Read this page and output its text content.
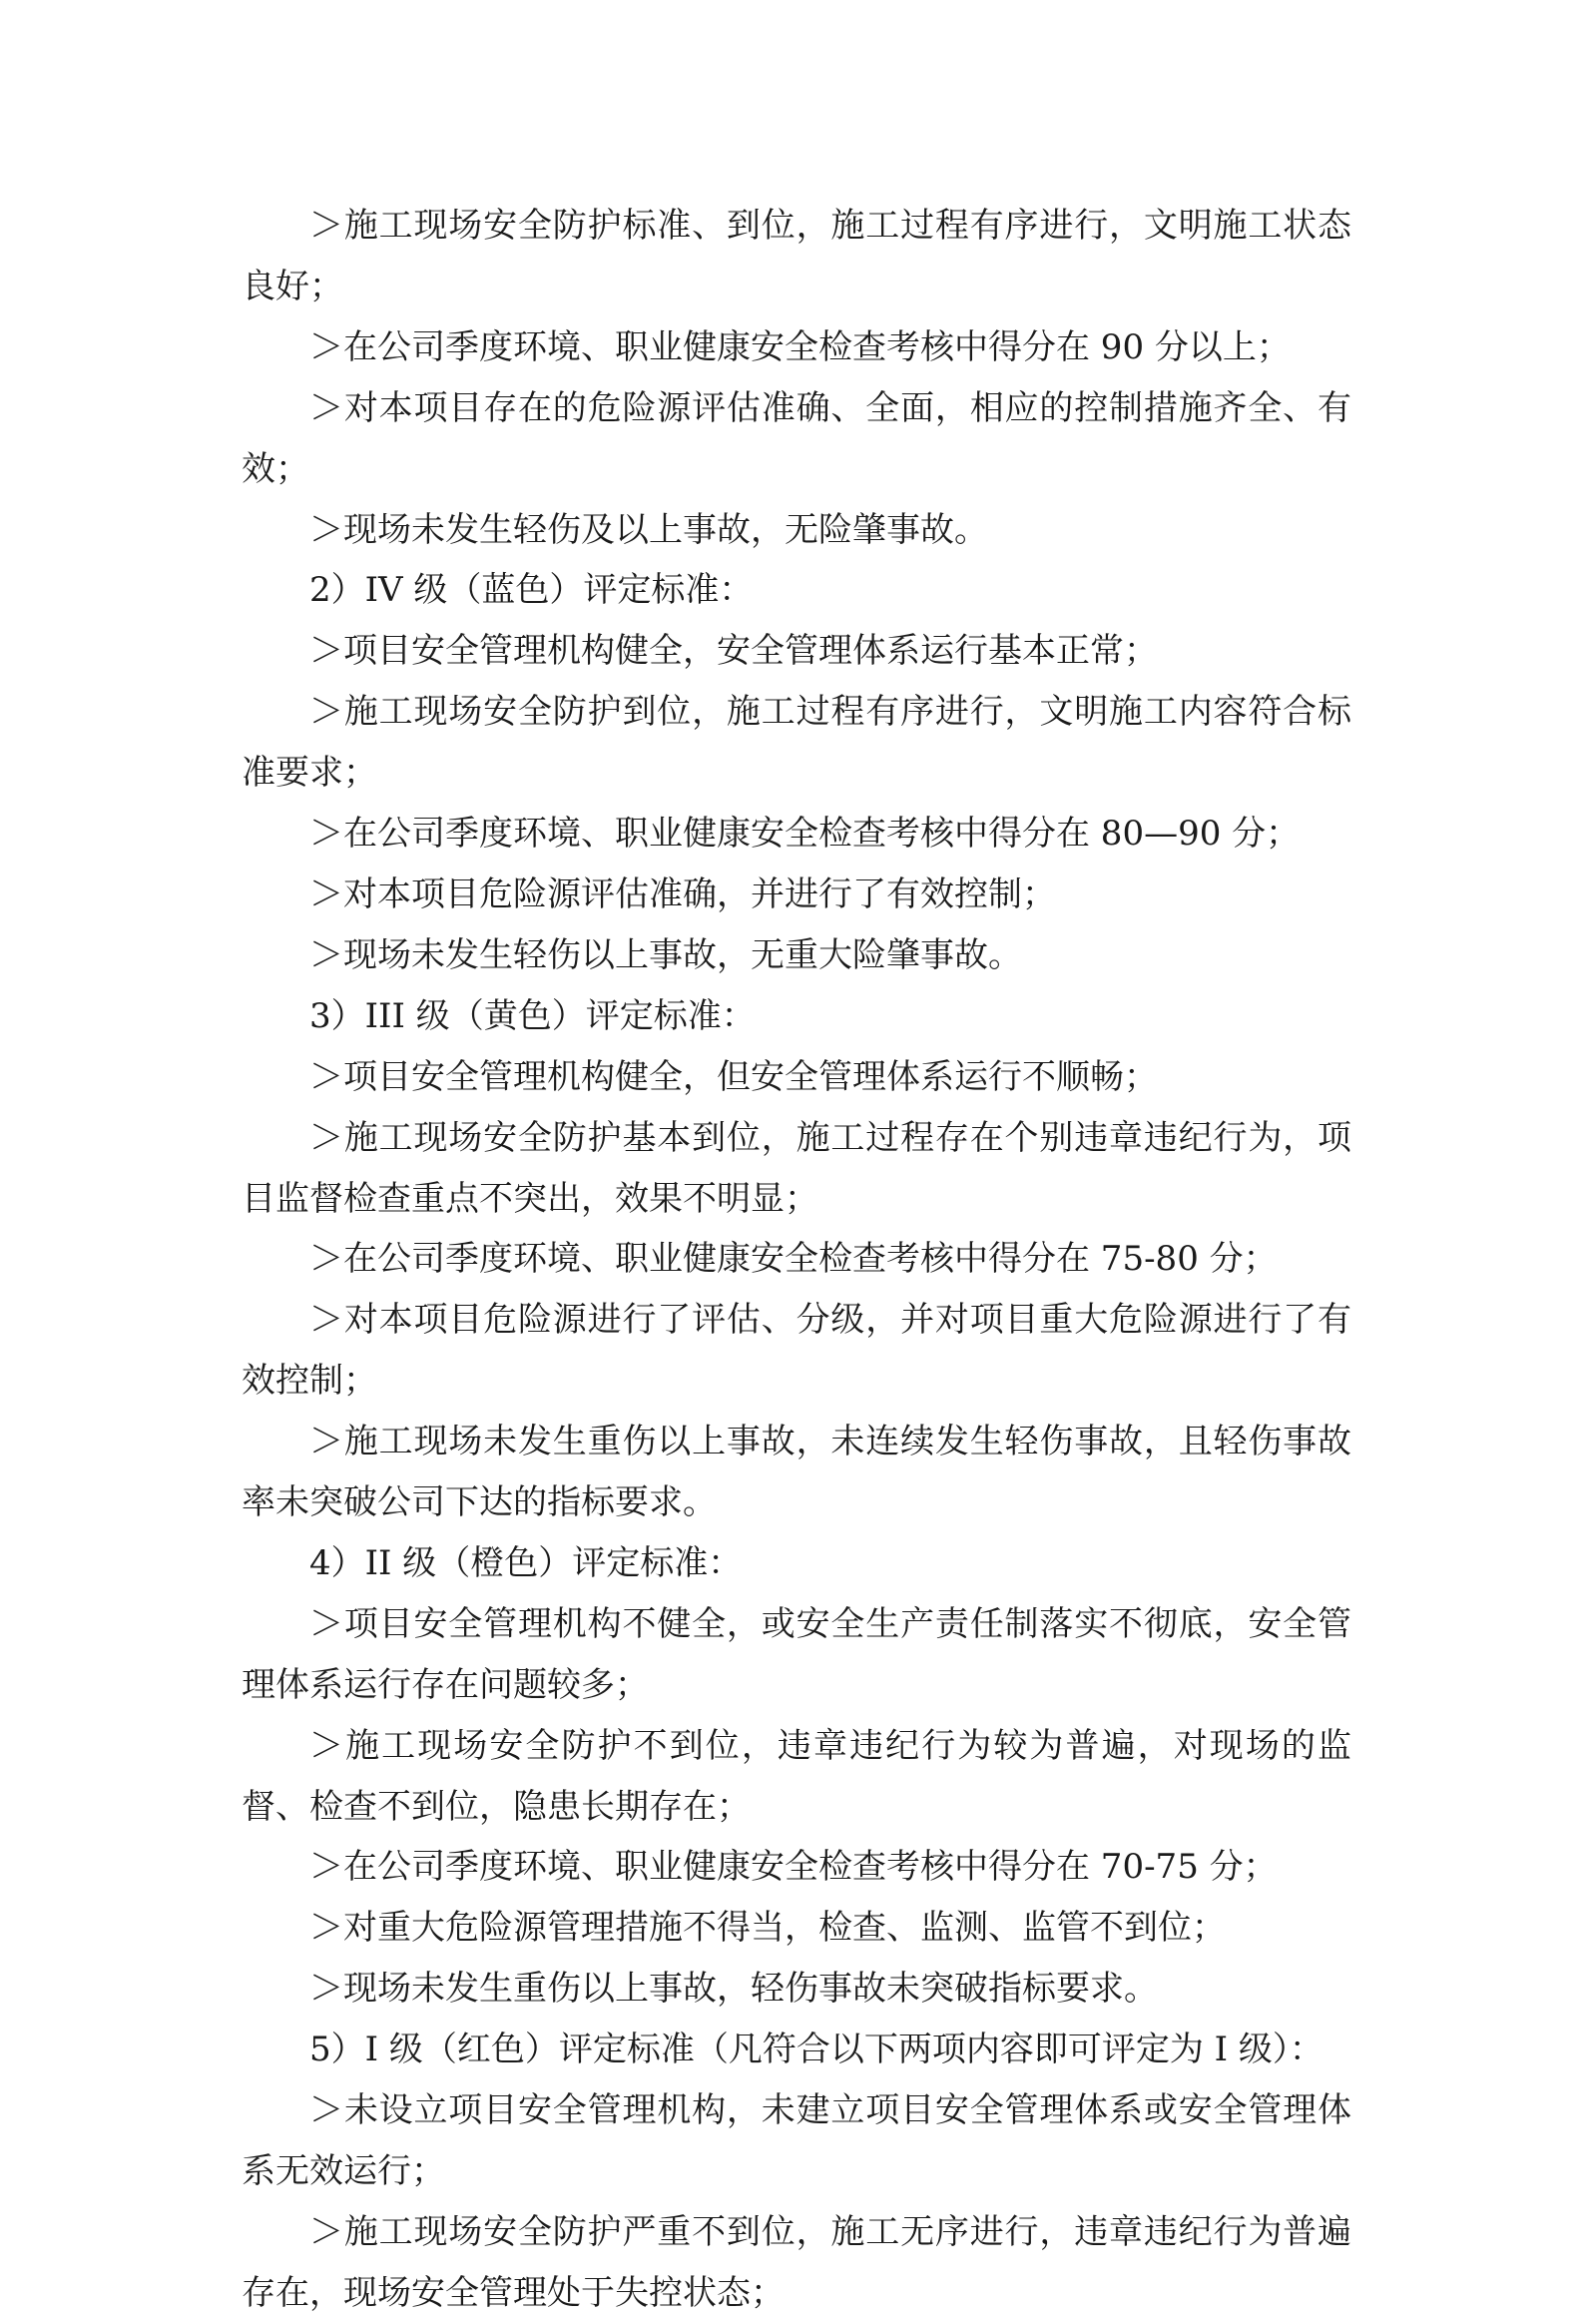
＞施工现场安全防护标准、到位，施工过程有序进行，文明施工状态良好；

＞在公司季度环境、职业健康安全检查考核中得分在 90 分以上；

＞对本项目存在的危险源评估准确、全面，相应的控制措施齐全、有效；

＞现场未发生轻伤及以上事故，无险肇事故。

2）IV 级（蓝色）评定标准：

＞项目安全管理机构健全，安全管理体系运行基本正常；

＞施工现场安全防护到位，施工过程有序进行，文明施工内容符合标准要求；

＞在公司季度环境、职业健康安全检查考核中得分在 80—90 分；

＞对本项目危险源评估准确，并进行了有效控制；

＞现场未发生轻伤以上事故，无重大险肇事故。

3）III 级（黄色）评定标准：

＞项目安全管理机构健全，但安全管理体系运行不顺畅；

＞施工现场安全防护基本到位，施工过程存在个别违章违纪行为，项目监督检查重点不突出，效果不明显；

＞在公司季度环境、职业健康安全检查考核中得分在 75-80 分；

＞对本项目危险源进行了评估、分级，并对项目重大危险源进行了有效控制；

＞施工现场未发生重伤以上事故，未连续发生轻伤事故，且轻伤事故率未突破公司下达的指标要求。

4）II 级（橙色）评定标准：

＞项目安全管理机构不健全，或安全生产责任制落实不彻底，安全管理体系运行存在问题较多；

＞施工现场安全防护不到位，违章违纪行为较为普遍，对现场的监督、检查不到位，隐患长期存在；

＞在公司季度环境、职业健康安全检查考核中得分在 70-75 分；

＞对重大危险源管理措施不得当，检查、监测、监管不到位；

＞现场未发生重伤以上事故，轻伤事故未突破指标要求。

5）I 级（红色）评定标准（凡符合以下两项内容即可评定为 I 级）：

＞未设立项目安全管理机构，未建立项目安全管理体系或安全管理体系无效运行；

＞施工现场安全防护严重不到位，施工无序进行，违章违纪行为普遍存在，现场安全管理处于失控状态；
